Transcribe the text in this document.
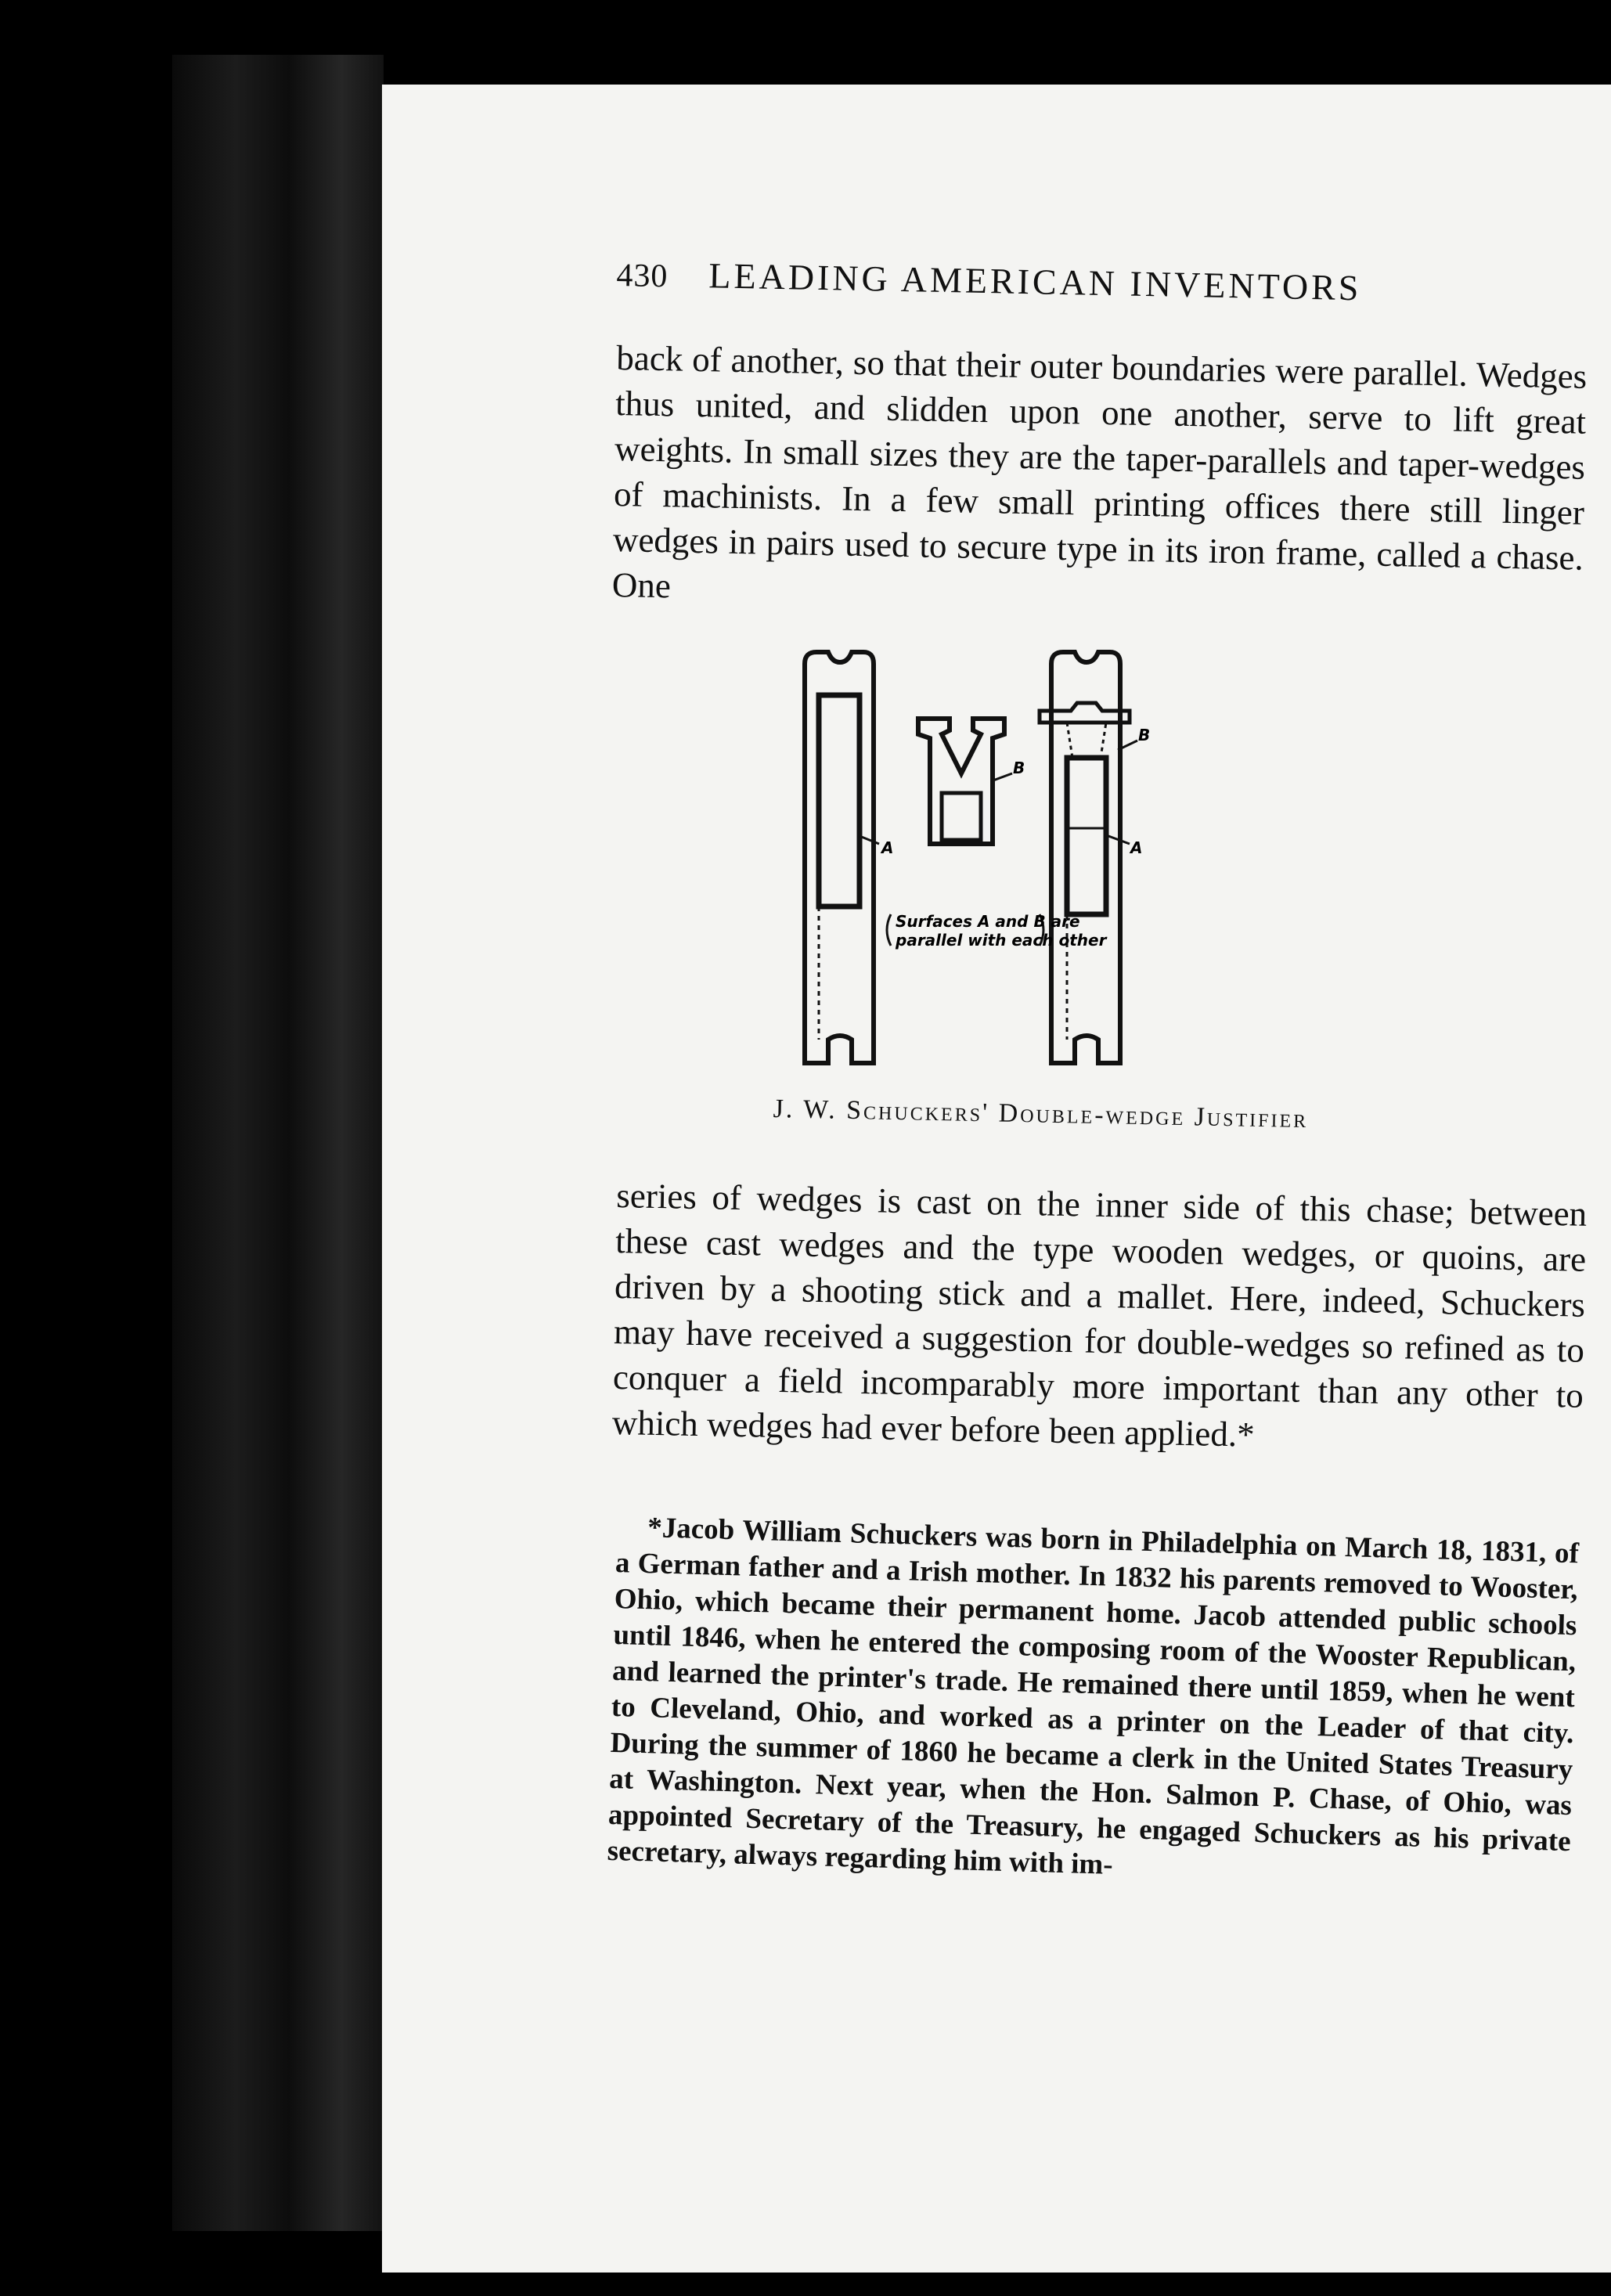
430 LEADING AMERICAN INVENTORS

back of another, so that their outer boundaries were parallel. Wedges thus united, and slidden upon one another, serve to lift great weights. In small sizes they are the taper-parallels and taper-wedges of machinists. In a few small printing offices there still linger wedges in pairs used to secure type in its iron frame, called a chase. One

A
B
B
A
Surfaces A and B are
parallel with each other
J. W. Schuckers' Double-wedge Justifier

series of wedges is cast on the inner side of this chase; between these cast wedges and the type wooden wedges, or quoins, are driven by a shooting stick and a mallet. Here, indeed, Schuckers may have received a suggestion for double-wedges so refined as to conquer a field incomparably more important than any other to which wedges had ever before been applied.*

*Jacob William Schuckers was born in Philadelphia on March 18, 1831, of a German father and a Irish mother. In 1832 his parents removed to Wooster, Ohio, which became their permanent home. Jacob attended public schools until 1846, when he entered the composing room of the Wooster Republican, and learned the printer's trade. He remained there until 1859, when he went to Cleveland, Ohio, and worked as a printer on the Leader of that city. During the summer of 1860 he became a clerk in the United States Treasury at Washington. Next year, when the Hon. Salmon P. Chase, of Ohio, was appointed Secretary of the Treasury, he engaged Schuckers as his private secretary, always regarding him with im-
